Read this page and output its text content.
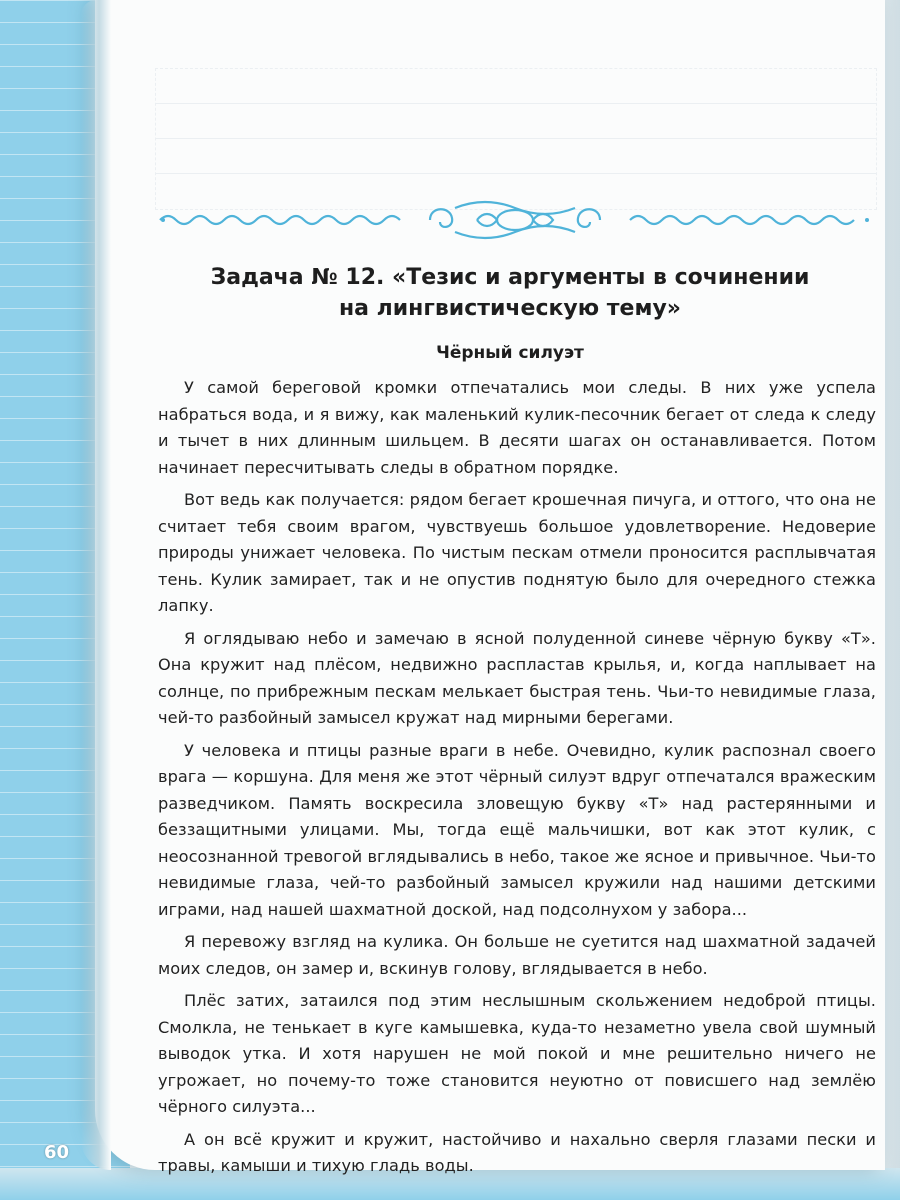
Задача № 12. «Тезис и аргументы в сочинении
на лингвистическую тему»
Чёрный силуэт

У самой береговой кромки отпечатались мои следы. В них уже успела набраться вода, и я вижу, как маленький кулик-песочник бегает от следа к следу и тычет в них длинным шильцем. В десяти шагах он останавливается. Потом начинает пересчитывать следы в обратном порядке.

Вот ведь как получается: рядом бегает крошечная пичуга, и оттого, что она не считает тебя своим врагом, чувствуешь большое удовлетворение. Недоверие природы унижает человека. По чистым пескам отмели проносится расплывчатая тень. Кулик замирает, так и не опустив поднятую было для очередного стежка лапку.

Я оглядываю небо и замечаю в ясной полуденной синеве чёрную букву «Т». Она кружит над плёсом, недвижно распластав крылья, и, когда наплывает на солнце, по прибрежным пескам мелькает быстрая тень. Чьи-то невидимые глаза, чей-то разбойный замысел кружат над мирными берегами.

У человека и птицы разные враги в небе. Очевидно, кулик распознал своего врага — коршуна. Для меня же этот чёрный силуэт вдруг отпечатался вражеским разведчиком. Память воскресила зловещую букву «Т» над растерянными и беззащитными улицами. Мы, тогда ещё мальчишки, вот как этот кулик, с неосознанной тревогой вглядывались в небо, такое же ясное и привычное. Чьи-то невидимые глаза, чей-то разбойный замысел кружили над нашими детскими играми, над нашей шахматной доской, над подсолнухом у забора...

Я перевожу взгляд на кулика. Он больше не суетится над шахматной задачей моих следов, он замер и, вскинув голову, вглядывается в небо.

Плёс затих, затаился под этим неслышным скольжением недоброй птицы. Смолкла, не тенькает в куге камышевка, куда-то незаметно увела свой шумный выводок утка. И хотя нарушен не мой покой и мне решительно ничего не угрожает, но почему-то тоже становится неуютно от повисшего над землёю чёрного силуэта...

А он всё кружит и кружит, настойчиво и нахально сверля глазами пески и травы, камыши и тихую гладь воды.

60
